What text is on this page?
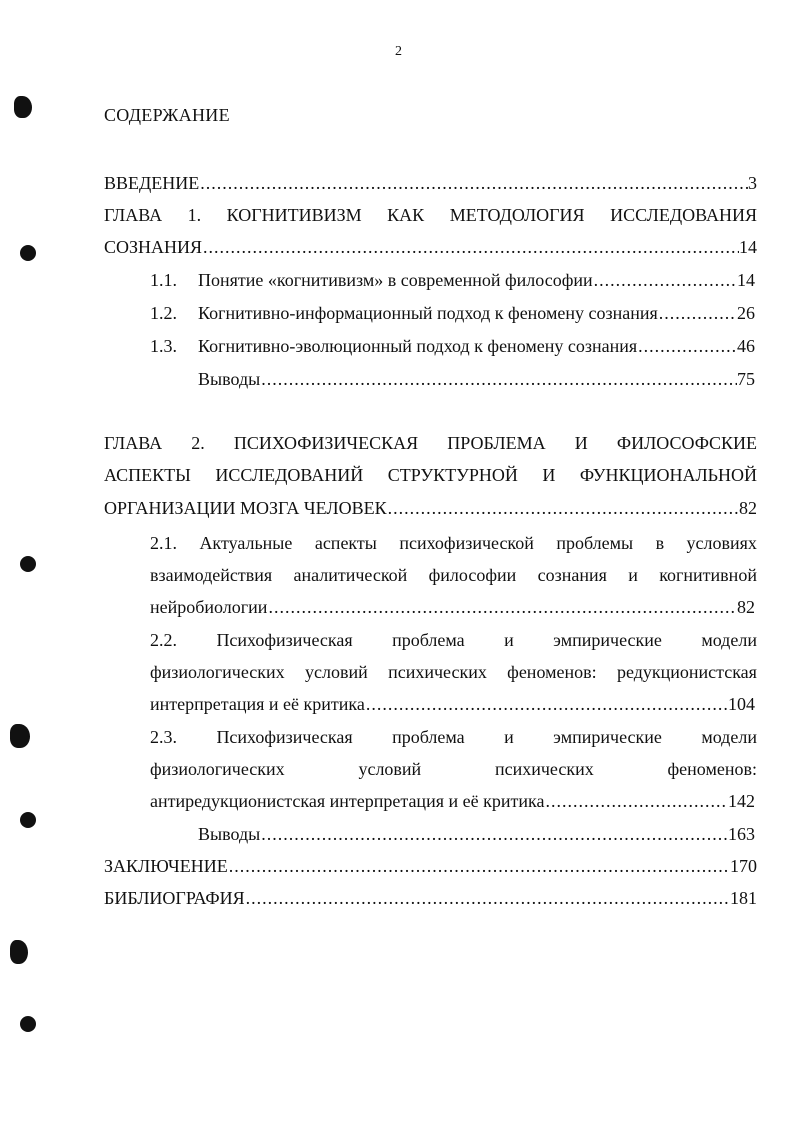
2
СОДЕРЖАНИЕ
ВВЕДЕНИЕ .....	3
ГЛАВА 1. КОГНИТИВИЗМ КАК МЕТОДОЛОГИЯ ИССЛЕДОВАНИЯ
СОЗНАНИЯ .....	14
1.1. Понятие «когнитивизм» в современной философии .....	14
1.2. Когнитивно-информационный подход к феномену сознания .....	26
1.3. Когнитивно-эволюционный подход к феномену сознания .....	46
Выводы .....	75
ГЛАВА 2. ПСИХОФИЗИЧЕСКАЯ ПРОБЛЕМА И ФИЛОСОФСКИЕ
АСПЕКТЫ ИССЛЕДОВАНИЙ СТРУКТУРНОЙ И ФУНКЦИОНАЛЬНОЙ
ОРГАНИЗАЦИИ МОЗГА ЧЕЛОВЕК .....	82
2.1. Актуальные аспекты психофизической проблемы в условиях
взаимодействия аналитической философии сознания и когнитивной
нейробиологии .....	82
2.2. Психофизическая проблема и эмпирические модели
физиологических условий психических феноменов: редукционистская
интерпретация и её критика .....	104
2.3. Психофизическая проблема и эмпирические модели
физиологических	условий	психических	феноменов:
антиредукционистская интерпретация и её критика .....	142
Выводы .....	163
ЗАКЛЮЧЕНИЕ .....	170
БИБЛИОГРАФИЯ .....	181
